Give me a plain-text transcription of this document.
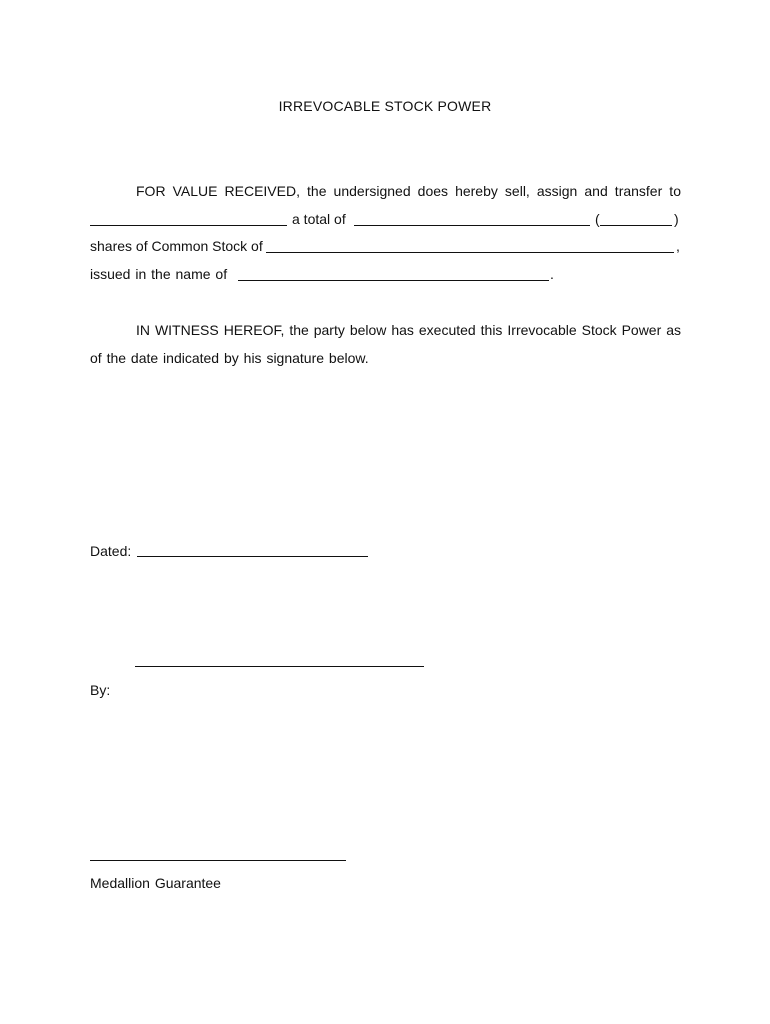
IRREVOCABLE STOCK POWER
FOR VALUE RECEIVED, the undersigned does hereby sell, assign and transfer to
a total of	(	)
shares of Common Stock of	,
issued in the name of	.
IN WITNESS HEREOF, the party below has executed this Irrevocable Stock Power as
of the date indicated by his signature below.
Dated:
By:
Medallion Guarantee
